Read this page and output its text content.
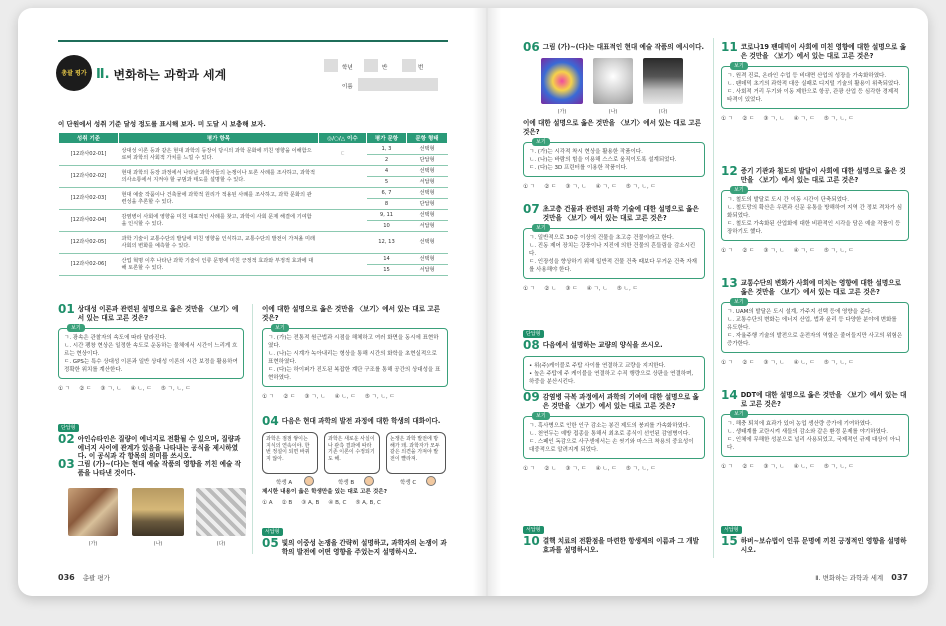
총괄 평가 Ⅱ. 변화하는 과학과 세계	학년	반	번
이름
이 단원에서 성취 기준 달성 정도를 표시해 보자. 미 도달 시 보충해 보자.
성취 기준	평가 항목	◎/○/△ 이수	평가 문항	문항 형태
[12과사02-01]	상대성 이론 등과 같은 현대 과학의 등장이 당시의 과학 문화에 끼친 영향을 이해함으로써 과학의 사회적 가치를 느낄 수 있다.	C	1, 3	선택형
			2	단답형
[12과사02-02]	현대 과학의 등장 과정에서 나타난 과학자들의 논쟁이나 토론 사례를 조사하고, 과학적 의사소통에서 지켜야 할 규범과 태도를 설명할 수 있다.		4	선택형
			5	서답형
[12과사02-03]	현대 예술 작품이나 건축물에 과학적 원리가 적용된 사례를 조사하고, 과학 문화의 관련성을 추론할 수 있다.		6, 7	선택형
			8	단답형
[12과사02-04]	감염병이 사회에 영향을 미친 대표적인 사례를 찾고, 과학이 사회 문제 해결에 기여함을 인식할 수 있다.		9, 11	선택형
			10	서답형
[12과사02-05]	과학 기술이 교통수단의 발달에 미친 영향을 인식하고, 교통수단의 발전이 가져올 미래 사회의 변화를 예측할 수 있다.		12, 13	선택형
[12과사02-06]	산업 혁명 이후 나타난 과학 기술이 인류 문명에 미친 긍정적 효과와 부정적 효과에 대해 토론할 수 있다.		14	선택형
			15	서답형
01 상대성 이론과 관련된 설명으로 옳은 것만을 〈보기〉에서 있는 대로 고른 것은?
보기
ㄱ. 광속은 관찰자의 속도에 따라 달라진다.
ㄴ. 시간 팽창 현상은 일정한 속도로 운동하는 물체에서 시간이 느리게 흐르는 현상이다.
ㄷ. GPS는 특수 상대성 이론과 일반 상대성 이론의 시간 보정을 활용하여 정확한 위치를 계산한다.
① ㄱ ② ㄷ ③ ㄱ, ㄴ ④ ㄴ, ㄷ ⑤ ㄱ, ㄴ, ㄷ
단답형
02 아인슈타인은 질량이 에너지로 전환될 수 있으며, 질량과 에너지 사이에 관계가 있음을 나타내는 공식을 제시하였다. 이 공식과 각 항목의 의미를 쓰시오.
03 그림 (가)~(다)는 현대 예술 작품의 영향을 끼친 예술 작품을 나타낸 것이다.
(가)	(나)	(다)
이에 대한 설명으로 옳은 것만을 〈보기〉에서 있는 대로 고른 것은?
보기
ㄱ. (가)는 전통적 원근법과 시점을 해체하고 여러 화면을 동시에 표현하였다.
ㄴ. (나)는 시계가 녹아내리는 형상을 통해 시간의 화학을 초현실적으로 표현하였다.
ㄷ. (다)는 하이퍼가 진도된 복잡한 계단 구조를 통해 공간의 상대성을 표현하였다.
① ㄱ ② ㄷ ③ ㄱ, ㄴ ④ ㄴ, ㄷ ⑤ ㄱ, ㄴ, ㄷ
04 다음은 현대 과학의 발전 과정에 대한 학생의 대화이다.
과학은 점점 쌓이는 지식의 연속이야. 한 번 정설이 되면 바뀌지 않아.
과학은 새로운 사실이나 관측 결과에 따라 기존 이론이 수정되기도 해.
논쟁은 과학 발전에 방해가 돼. 과학자가 모두 같은 의견을 가져야 발전이 빨라져.
학생 A	학생 B	학생 C
제시한 내용이 옳은 학생만을 있는 대로 고른 것은?
① A ② B ③ A, B ④ B, C ⑤ A, B, C
서답형
05 빛의 이중성 논쟁을 간략히 설명하고, 과학자의 논쟁이 과학의 발전에 어떤 영향을 주었는지 설명하시오.
036 총괄 평가
06 그림 (가)~(다)는 대표적인 현대 예술 작품의 예시이다.
(가)	(나)	(다)
이에 대한 설명으로 옳은 것만을 〈보기〉에서 있는 대로 고른 것은?
보기
ㄱ. (가)는 시각적 착시 현상을 활용한 작품이다.
ㄴ. (나)는 바람의 힘을 이용해 스스로 움직이도록 설계되었다.
ㄷ. (다)는 3D 프린터를 이용한 작품이다.
① ㄱ ② ㄷ ③ ㄱ, ㄴ ④ ㄱ, ㄷ ⑤ ㄱ, ㄴ, ㄷ
07 초고층 건물과 관련된 과학 기술에 대한 설명으로 옳은 것만을 〈보기〉에서 있는 대로 고른 것은?
보기
ㄱ. 일반적으로 30층 이상의 건물을 초고층 건물이라고 한다.
ㄴ. 진동 제어 장치는 강풍이나 지진에 의한 건물의 흔들림을 감소시킨다.
ㄷ. 인장성을 향상하기 위해 일반적 건물 건축 때보다 무거운 건축 자재를 사용해야 한다.
① ㄱ ② ㄴ ③ ㄷ ④ ㄱ, ㄴ ⑤ ㄴ, ㄷ
단답형
08 다음에서 설명하는 교량의 양식을 쓰시오.
• 위(주)케이블로 주탑 사이를 연결하고 교량을 지지한다.
• 높은 주탑에 주 케이블을 연결하고 수직 행량으로 상판을 연결하며, 하중을 분산시킨다.
09 감염병 극복 과정에서 과학의 기여에 대한 설명으로 옳은 것만을 〈보기〉에서 있는 대로 고른 것은?
보기
ㄱ. 흑사병으로 인한 인구 감소는 봉건 제도의 붕괴를 가속화하였다.
ㄴ. 천연두는 예방 접종을 통해서 최초로 종식이 선언된 감염병이다.
ㄷ. 스페인 독감으로 사구센에서는 손 씻기와 마스크 착용의 중요성이 대중적으로 알려지게 되었다.
① ㄱ ② ㄴ ③ ㄱ, ㄷ ④ ㄴ, ㄷ ⑤ ㄱ, ㄴ, ㄷ
서답형
10 결핵 치료의 전환점을 마련한 항생제의 이름과 그 개발 효과를 설명하시오.
11 코로나19 팬데믹이 사회에 미친 영향에 대한 설명으로 옳은 것만을 〈보기〉에서 있는 대로 고른 것은?
보기
ㄱ. 원격 진료, 온라인 수업 등 비대면 산업의 성장을 가속화하였다.
ㄴ. 팬데믹 초기의 과학적 대응 실패로 디지털 기술의 활용이 위축되었다.
ㄷ. 사회적 거리 두기와 이동 제한으로 항공, 관광 산업 등 심각한 경제적 타격이 있었다.
① ㄱ ② ㄷ ③ ㄱ, ㄴ ④ ㄱ, ㄷ ⑤ ㄱ, ㄴ, ㄷ
12 증기 기관과 철도의 발달이 사회에 대한 설명으로 옳은 것만을 〈보기〉에서 있는 대로 고른 것은?
보기
ㄱ. 철도의 발달로 도시 간 이동 시간이 단축되었다.
ㄴ. 철도망의 확산은 우편과 신문 유통을 방해하여 지역 간 정보 격차가 심화되었다.
ㄷ. 철도로 가속화된 산업화에 대한 비판적인 시각을 담은 예술 작품이 등장하기도 했다.
① ㄱ ② ㄷ ③ ㄱ, ㄴ ④ ㄱ, ㄷ ⑤ ㄱ, ㄴ, ㄷ
13 교통수단의 변화가 사회에 미치는 영향에 대한 설명으로 옳은 것만을 〈보기〉에서 있는 대로 고른 것은?
보기
ㄱ. UAM의 발달은 도시 설계, 가주지 선택 등에 영향을 준다.
ㄴ. 교통수단의 변화는 에너지 산업, 법과 윤리 등 다양한 분야에 변화를 유도한다.
ㄷ. 자율주행 기술의 발전으로 운전자의 역할은 줄어들지만 사고의 위험은 증가한다.
① ㄱ ② ㄷ ③ ㄱ, ㄴ ④ ㄴ, ㄷ ⑤ ㄱ, ㄴ, ㄷ
14 DDT에 대한 설명으로 옳은 것만을 〈보기〉에서 있는 대로 고른 것은?
보기
ㄱ. 해충 퇴치에 효과가 있어 농업 생산량 증가에 기여하였다.
ㄴ. 생태계를 교란시켜 새들의 감소와 같은 환경 문제를 야기하였다.
ㄷ. 인체에 무해한 성분으로 널리 사용되었고, 국제적인 규제 대상이 아니다.
① ㄱ ② ㄷ ③ ㄱ, ㄴ ④ ㄴ, ㄷ ⑤ ㄱ, ㄴ, ㄷ
서답형
15 하버~보슈법이 인류 문명에 끼친 긍정적인 영향을 설명하시오.
Ⅱ. 변화하는 과학과 세계 037
